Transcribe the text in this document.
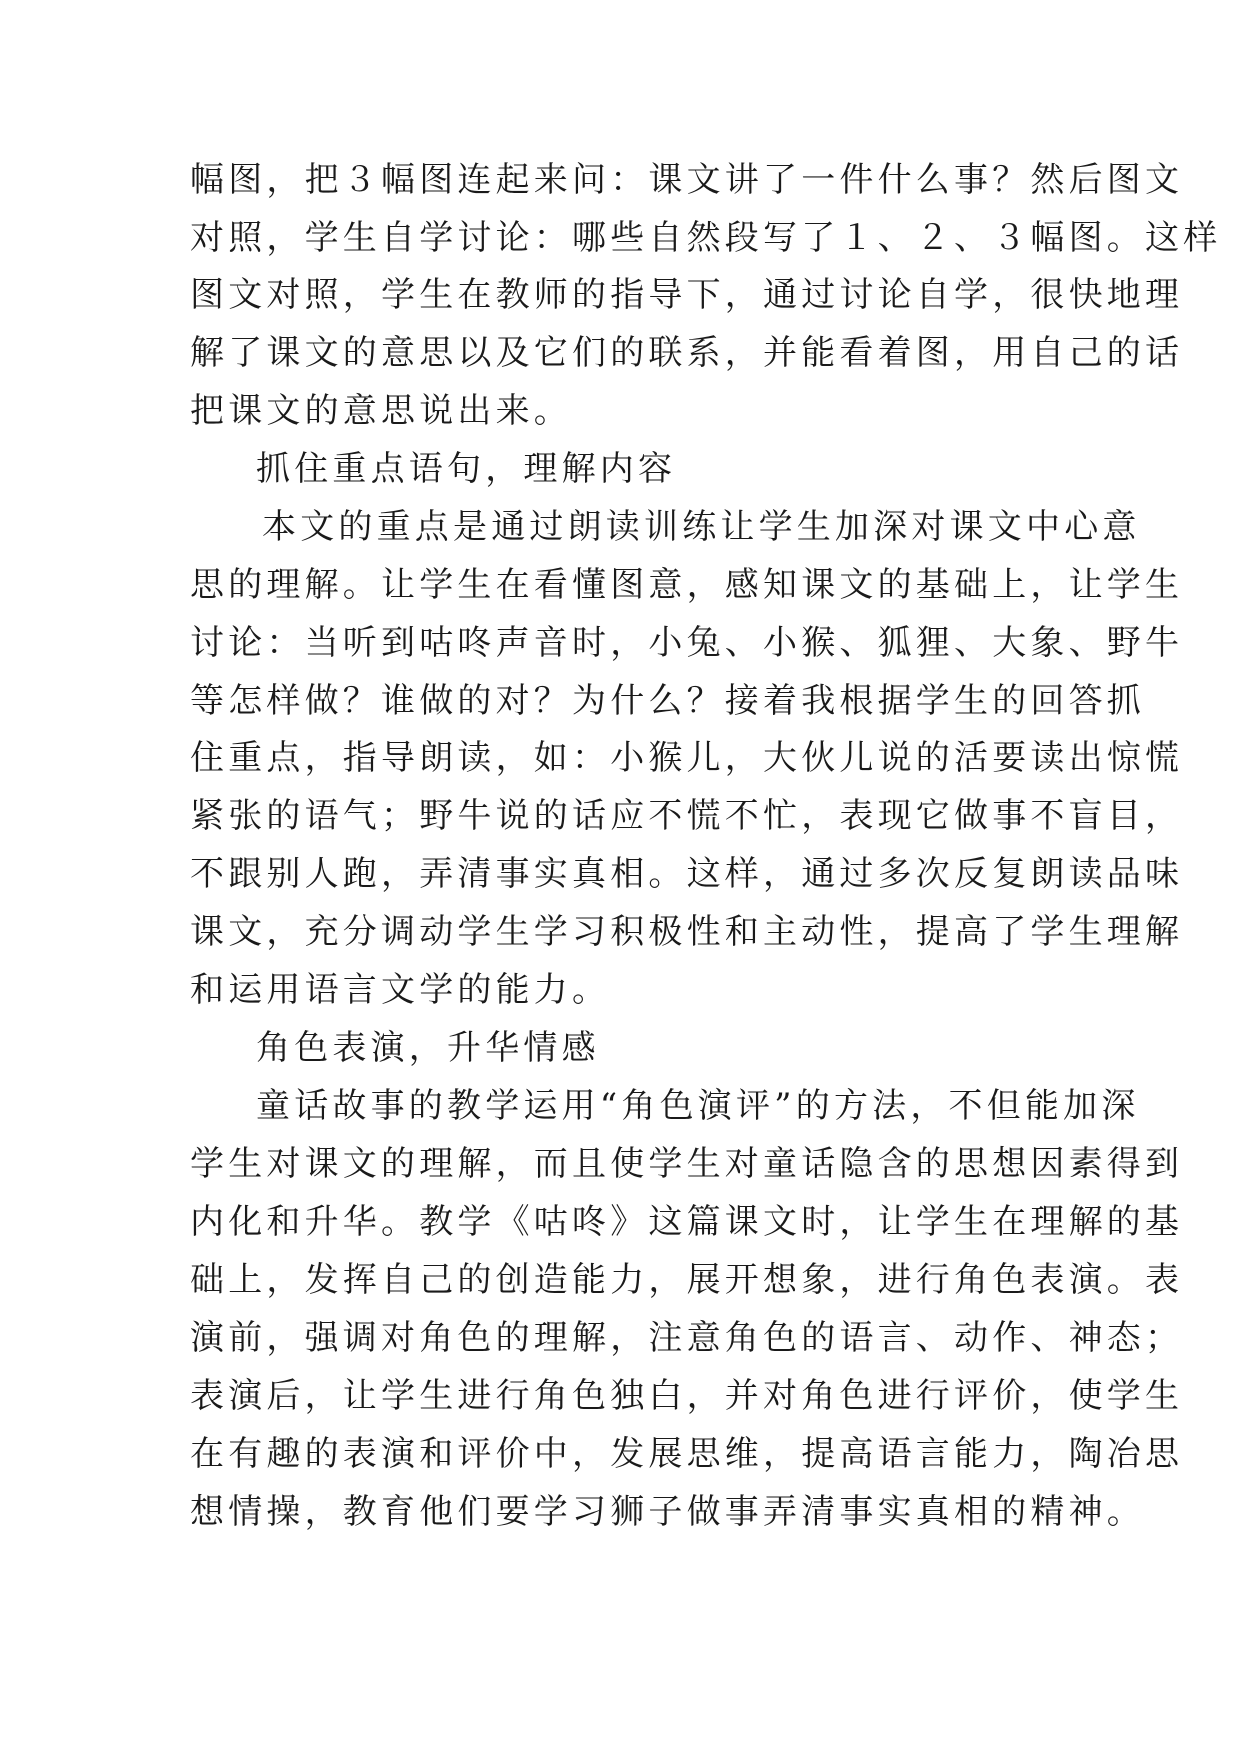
幅图，把３幅图连起来问：课文讲了一件什么事？然后图文
对照，学生自学讨论：哪些自然段写了１、２、３幅图。这样
图文对照，学生在教师的指导下，通过讨论自学，很快地理
解了课文的意思以及它们的联系，并能看着图，用自己的话
把课文的意思说出来。
抓住重点语句，理解内容
本文的重点是通过朗读训练让学生加深对课文中心意
思的理解。让学生在看懂图意，感知课文的基础上，让学生
讨论：当听到咕咚声音时，小兔、小猴、狐狸、大象、野牛
等怎样做？谁做的对？为什么？接着我根据学生的回答抓
住重点，指导朗读，如：小猴儿，大伙儿说的活要读出惊慌
紧张的语气；野牛说的话应不慌不忙，表现它做事不盲目，
不跟别人跑，弄清事实真相。这样，通过多次反复朗读品味
课文，充分调动学生学习积极性和主动性，提高了学生理解
和运用语言文学的能力。
角色表演，升华情感
童话故事的教学运用“角色演评”的方法，不但能加深
学生对课文的理解，而且使学生对童话隐含的思想因素得到
内化和升华。教学《咕咚》这篇课文时，让学生在理解的基
础上，发挥自己的创造能力，展开想象，进行角色表演。表
演前，强调对角色的理解，注意角色的语言、动作、神态；
表演后，让学生进行角色独白，并对角色进行评价，使学生
在有趣的表演和评价中，发展思维，提高语言能力，陶冶思
想情操，教育他们要学习狮子做事弄清事实真相的精神。
